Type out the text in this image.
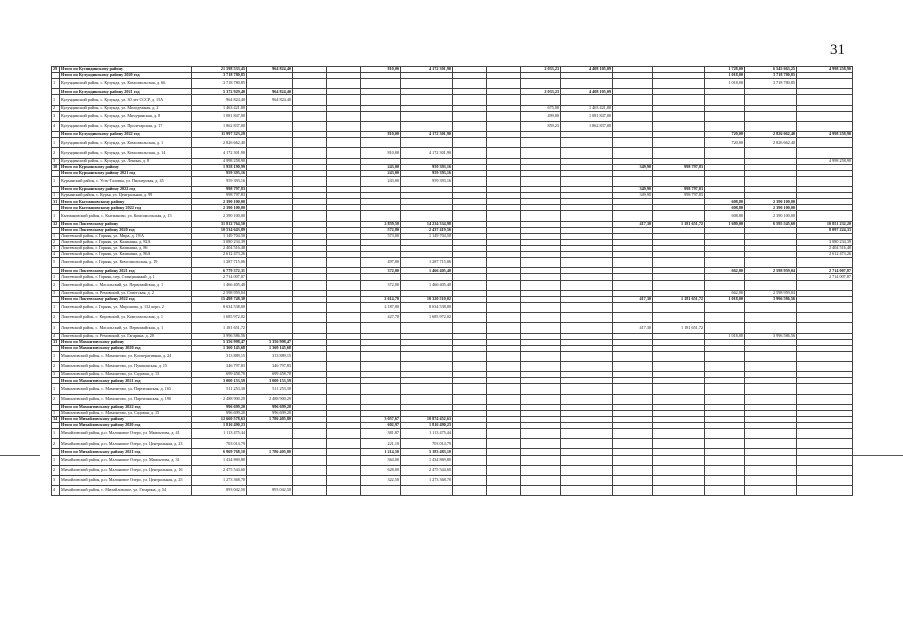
31
29	Итого по Куспидинскому району	21 598 533,45	964 824,40			810,00	4 172 301,90			2 033,23	4 408 105,09			1 728,00	6 545 663,25	4 998 258,90
	Итого по Кулундинскому району 2020 год	3 718 780,85												1 018,00	3 718 780,85	
1	Кулундинский район, с. Кулунда, ул. Комсомольская, д. 66	3 718 780,85												1 018,00	3 718 780,85	
	Итого по Кулундинскому району 2021 год	5 372 929,40	964 824,40							2 033,23	4 408 105,09					
1	Кулундинский район, с. Кулунда, ул. 30 лет СССР, д. 15А	964 824,40	964 824,40													
2	Кулундинский район, с. Кулунда, ул. Молодежная, д. 2	1 463 421,00								675,00	1 463 421,00					
3	Кулундинский район, с. Кулунда, ул. Мичуринская, д. 8	1 081 847,00								499,00	1 081 847,00					
4	Кулундинский район, с. Кулунда, ул. Пролетарская, д. 17	1 862 837,00								859,23	1 862 837,00					
	Итого по Кулундинскому району 2022 год	11 997 323,20				810,00	4 172 301,90							720,00	2 826 662,40	4 998 258,90
1	Кулундинский район, с. Кулунда, ул. Комсомольская, д. 1	2 826 662,40												720,00	2 826 662,40	
2	Кулундинский район, с. Кулунда, ул. Комсомольская, д. 14	4 172 301,90				810,00	4 172 301,90									
3	Кулундинский район, с. Кулунда, ул. Ленина, д. 8	4 998 258,90														4 998 258,90
30	Итого по Курьинскому району	1 958 190,99				243,00	959 393,16					349,90	998 797,83			
	Итого по Курьинскому району 2021 год	959 393,16				243,00	959 393,16									
1	Курьинский район, с. Усть-Таловка, ул. Пионерская, д. 45	959 393,16				243,00	959 393,16									
	Итого по Курьинскому району 2022 год	998 797,83										349,90	998 797,83			
1	Курьинский район, с. Курья, ул. Центральная, д. 99	998 797,83										349,90	998 797,83			
31	Итого по Кытмановскому району	2 390 100,00												608,80	2 390 100,00	
	Итого по Кытмановскому району 2022 год	2 390 100,00												608,80	2 390 100,00	
1	Кытмановский район, с. Кытманово, ул. Комсомольская, д. 15	2 390 100,00												608,80	2 390 100,00	
32	Итого по Локтевскому району	31 812 764,50				2 859,50	14 234 334,98					417,30	1 181 651,72	1 680,00	6 595 545,60	10 851 232,20
	Итого по Локтевскому району 2020 год	10 534 643,89				572,80	2 437 419,56									8 097 224,33
1	Локтевский район, г. Горняк, ул. Мира, д. 19/А	1 149 704,50				573,00	1 149 704,50									
2	Локтевский район, г. Горняк, ул. Калинина, д. 82А	3 080 234,39														3 080 234,39
3	Локтевский район, г. Горняк, ул. Калинина, д. 86	2 404 516,48														2 404 516,48
4	Локтевский район, г. Горняк, ул. Калинина, д. 86А	2 612 473,26														2 612 473,26
5	Локтевский район, г. Горняк, ул. Комсомольская, д. 19	1 287 715,06				497,00	1 287 715,06									
	Итого по Локтевскому району 2021 год	6 779 372,31				372,00	1 466 405,40							662,00	2 598 959,04	2 714 007,87
1	Локтевский район, г. Горняк, пер. Станционный, д. 1	2 714 007,87														2 714 007,87
2	Локтевский район, с. Масальский, ул. Первомайская, д. 1	1 466 405,40				372,00	1 466 405,40									
3	Локтевский район, п. Ремовский, ул. Советская, д. 2	2 598 959,04												662,00	2 598 959,04	
	Итого по Локтевскому району 2022 год	15 498 748,30				2 614,70	10 320 510,02					417,30	1 181 651,72	1 018,00	3 996 586,56	
1	Локтевский район, г. Горняк, ул. Миронова, д. 132 корп. 2	8 634 538,00				2 187,00	8 634 538,00									
2	Локтевский район, с. Кировский, ул. Комсомольская, д. 1	1 685 972,02				427,70	1 685 972,02									
3	Локтевский район, с. Масальский, ул. Первомайская, д. 1	1 181 651,72										417,30	1 181 651,72			
4	Локтевский район, п. Ремовский, ул. Гагарина, д. 20	3 996 586,56												1 018,00	3 996 586,56	
33	Итого по Мамонтовскому району	5 356 998,47	5 356 998,47													
	Итого по Мамонтовскому району 2020 год	1 360 145,68	1 360 145,68													
1	Мамонтовский район, с. Мамонтово, ул. Кооперативная, д. 24	313 889,15	313 889,15													
2	Мамонтовский район, с. Мамонтово, ул. Пушкинская, д. 15	346 797,83	346 797,83													
3	Мамонтовский район, с. Мамонтово, ул. Садовая, д. 13	699 458,70	699 458,70													
	Итого по Мамонтовскому району 2021 год	3 000 153,59	3 000 153,59													
1	Мамонтовский район, с. Мамонтово, ул. Партизанская, д. 165	511 253,30	511 253,30													
2	Мамонтовский район, с. Мамонтово, ул. Партизанская, д. 190	2 488 900,29	2 488 900,29													
	Итого по Мамонтовскому району 2022 год	996 699,20	996 699,20													
1	Мамонтовский район, с. Мамонтово, ул. Садовая, д. 15	996 699,20	996 699,20													
34	Итого по Михайловскому району	12 660 578,63	1 786 405,80			3 057,67	10 874 452,63									
	Итого по Михайловскому району 2020 год	1 816 490,23				602,97	1 816 490,23									
1	Михайловский район, р.п. Малиновое Озеро, ул. Мамонтова, д. 41	1 113 475,44				381,87	1 113 475,44									
2	Михайловский район, р.п. Малиновое Озеро, ул. Центральная, д. 23	703 014,79				221,10	703 014,79									
	Итого по Михайловскому району 2021 год	6 969 768,10	1 786 405,80			1 214,50	5 183 483,10									
1	Михайловский район, р.п. Малиновое Озеро, ул. Мамонтова, д. 31	1 434 869,80				364,00	1 434 869,80									
2	Михайловский район, р.п. Малиновое Озеро, ул. Центральная, д. 16	2 475 544,60				628,00	2 475 544,60									
3	Михайловский район, р.п. Малиновое Озеро, ул. Центральная, д. 25	1 273 368,70				322,50	1 273 368,70									
4	Михайловский район, с. Михайловское, ул. Гагарина, д. 54	893 042,50	893 042,50													
